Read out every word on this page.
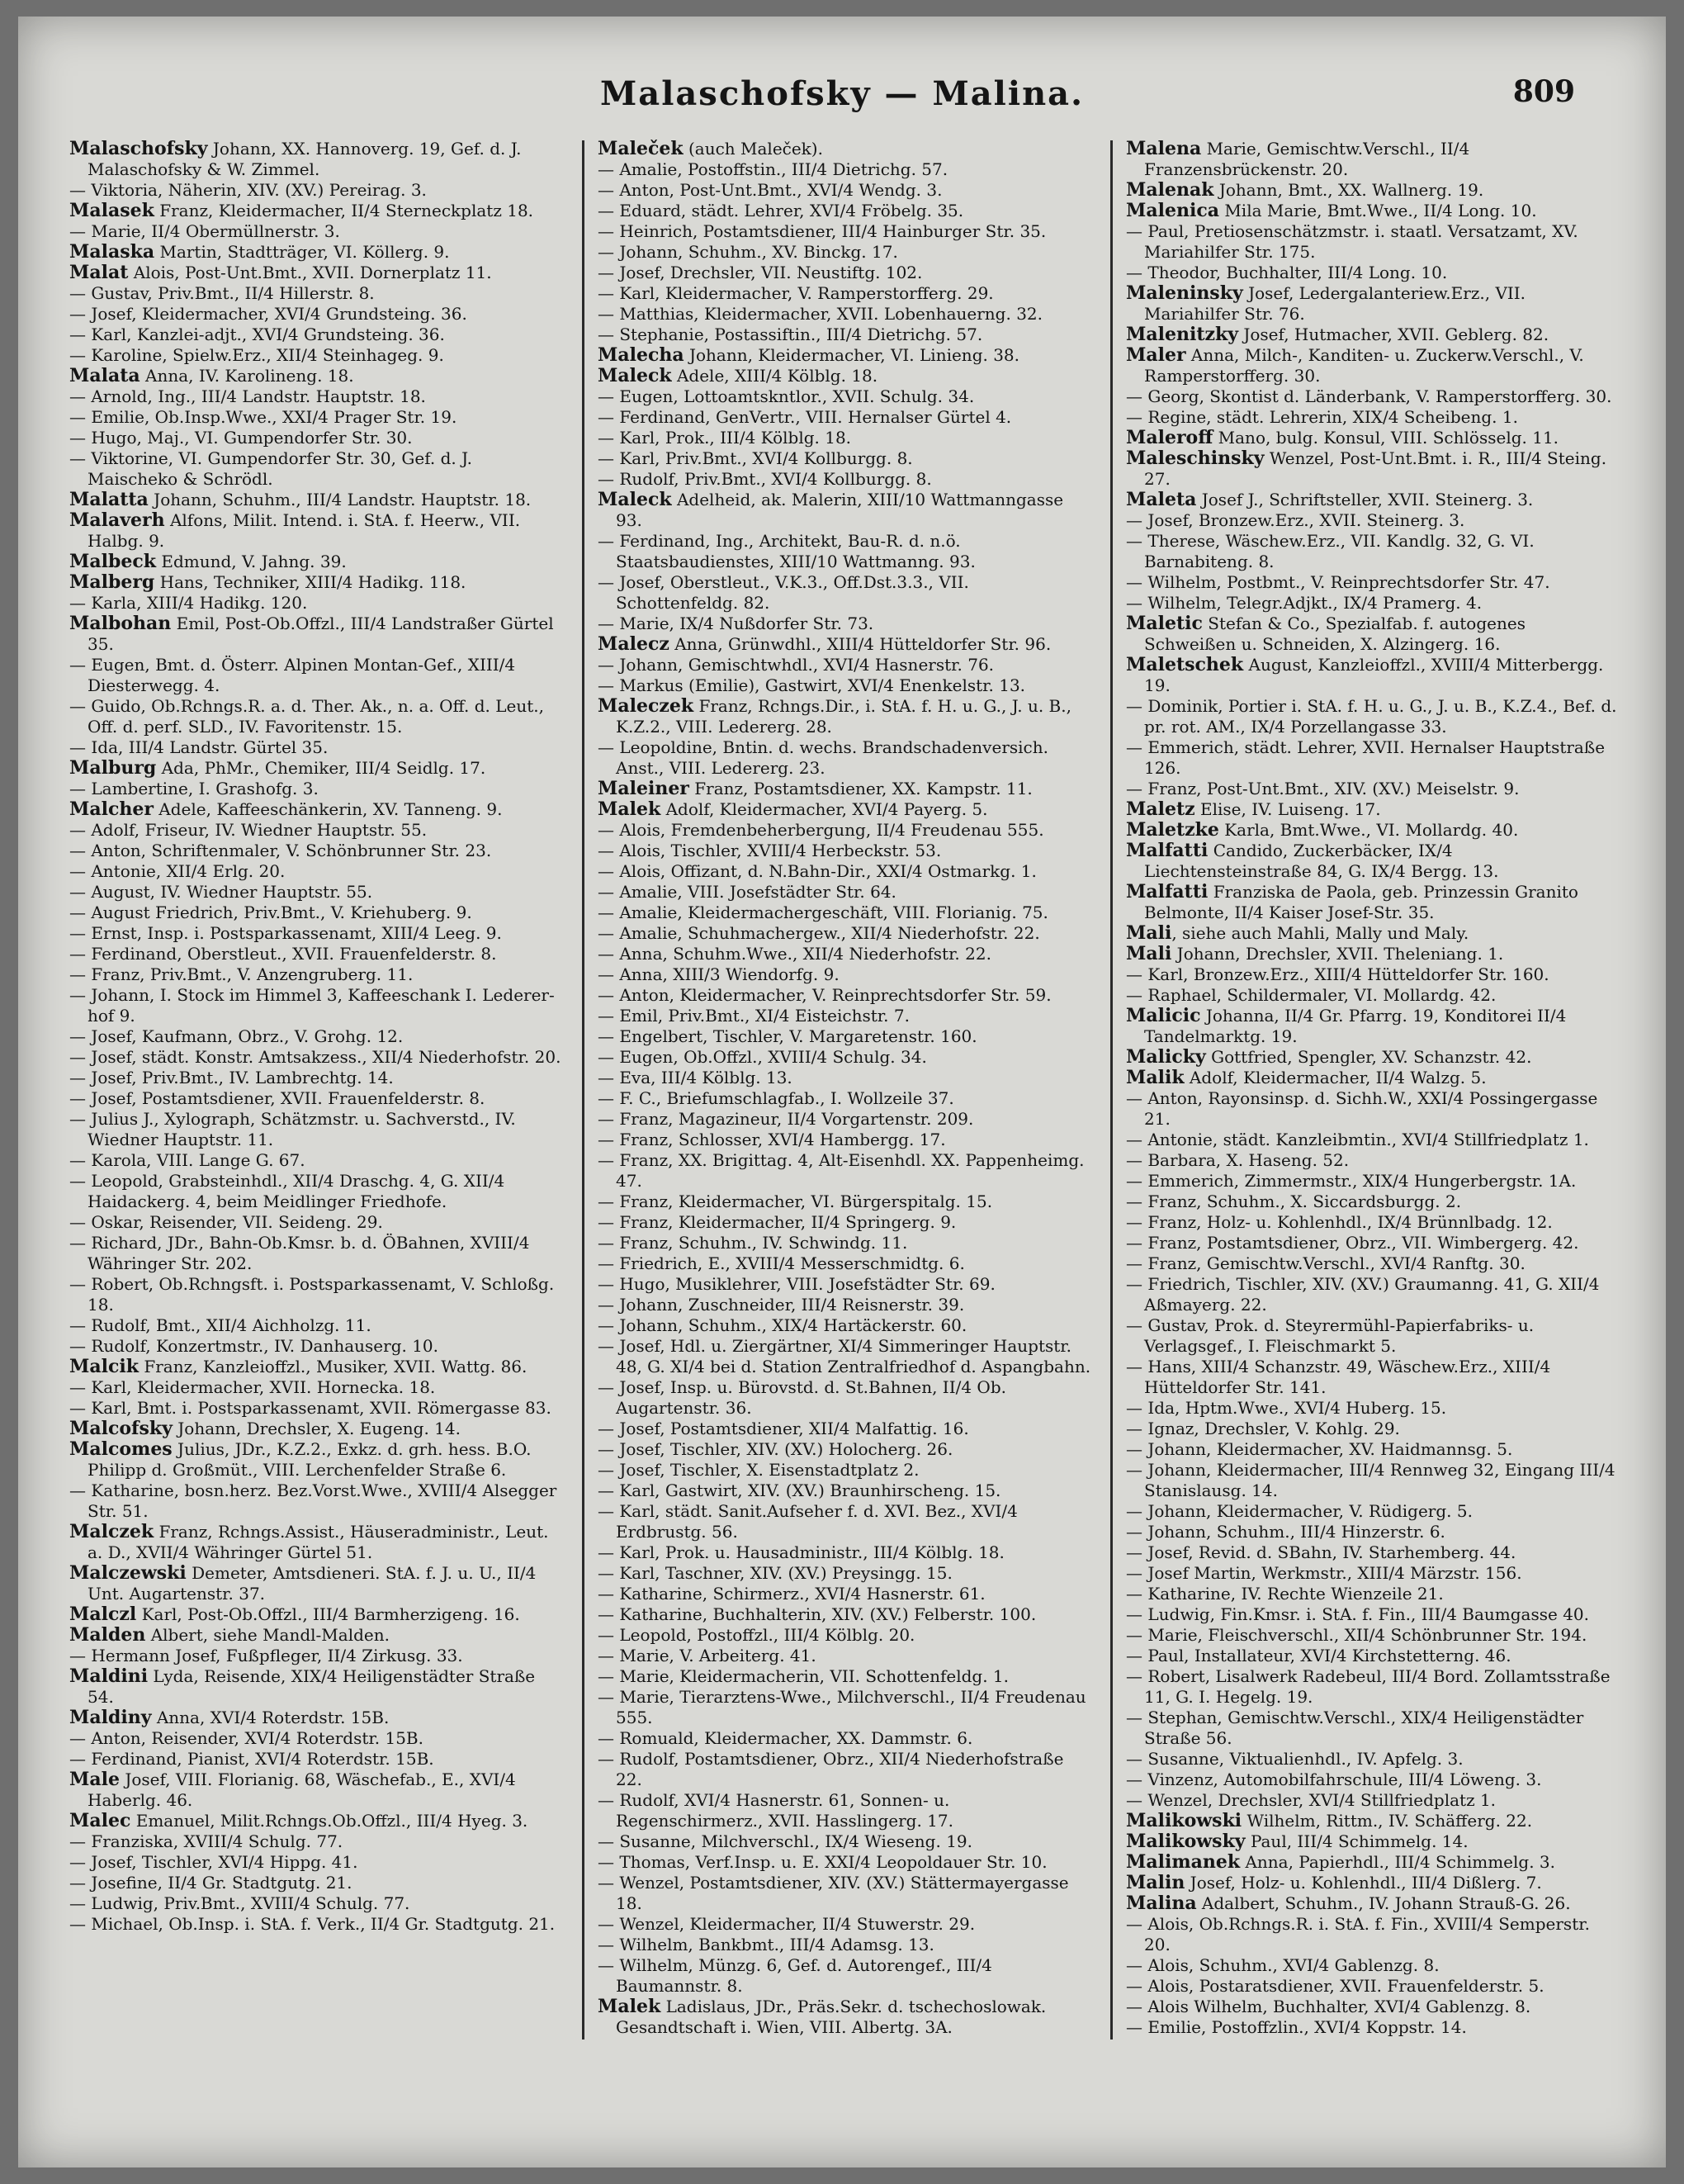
Malaschofsky — Malina.	809

Malaschofsky Johann, XX. Hannoverg. 19, Gef. d. J. Malaschofsky & W. Zimmel.

— Viktoria, Näherin, XIV. (XV.) Pereirag. 3.

Malasek Franz, Kleidermacher, II/4 Sterneckplatz 18.

— Marie, II/4 Obermüllnerstr. 3.

Malaska Martin, Stadtträger, VI. Köllerg. 9.

Malat Alois, Post-Unt.Bmt., XVII. Dornerplatz 11.

— Gustav, Priv.Bmt., II/4 Hillerstr. 8.

— Josef, Kleidermacher, XVI/4 Grundsteing. 36.

— Karl, Kanzlei-adjt., XVI/4 Grundsteing. 36.

— Karoline, Spielw.Erz., XII/4 Steinhageg. 9.

Malata Anna, IV. Karolineng. 18.

— Arnold, Ing., III/4 Landstr. Hauptstr. 18.

— Emilie, Ob.Insp.Wwe., XXI/4 Prager Str. 19.

— Hugo, Maj., VI. Gumpendorfer Str. 30.

— Viktorine, VI. Gumpendorfer Str. 30, Gef. d. J. Maischeko & Schrödl.

Malatta Johann, Schuhm., III/4 Landstr. Hauptstr. 18.

Malaverh Alfons, Milit. Intend. i. StA. f. Heerw., VII. Halbg. 9.

Malbeck Edmund, V. Jahng. 39.

Malberg Hans, Techniker, XIII/4 Hadikg. 118.

— Karla, XIII/4 Hadikg. 120.

Malbohan Emil, Post-Ob.Offzl., III/4 Landstraßer Gürtel 35.

— Eugen, Bmt. d. Österr. Alpinen Montan-Gef., XIII/4 Diesterwegg. 4.

— Guido, Ob.Rchngs.R. a. d. Ther. Ak., n. a. Off. d. Leut., Off. d. perf. SLD., IV. Favoritenstr. 15.

— Ida, III/4 Landstr. Gürtel 35.

Malburg Ada, PhMr., Chemiker, III/4 Seidlg. 17.

— Lambertine, I. Grashofg. 3.

Malcher Adele, Kaffeeschänkerin, XV. Tanneng. 9.

— Adolf, Friseur, IV. Wiedner Hauptstr. 55.

— Anton, Schriftenmaler, V. Schönbrunner Str. 23.

— Antonie, XII/4 Erlg. 20.

— August, IV. Wiedner Hauptstr. 55.

— August Friedrich, Priv.Bmt., V. Kriehuberg. 9.

— Ernst, Insp. i. Postsparkassenamt, XIII/4 Leeg. 9.

— Ferdinand, Oberstleut., XVII. Frauenfelderstr. 8.

— Franz, Priv.Bmt., V. Anzengruberg. 11.

— Johann, I. Stock im Himmel 3, Kaffeeschank I. Lederer-hof 9.

— Josef, Kaufmann, Obrz., V. Grohg. 12.

— Josef, städt. Konstr. Amtsakzess., XII/4 Niederhofstr. 20.

— Josef, Priv.Bmt., IV. Lambrechtg. 14.

— Josef, Postamtsdiener, XVII. Frauenfelderstr. 8.

— Julius J., Xylograph, Schätzmstr. u. Sachverstd., IV. Wiedner Hauptstr. 11.

— Karola, VIII. Lange G. 67.

— Leopold, Grabsteinhdl., XII/4 Draschg. 4, G. XII/4 Haidackerg. 4, beim Meidlinger Friedhofe.

— Oskar, Reisender, VII. Seideng. 29.

— Richard, JDr., Bahn-Ob.Kmsr. b. d. ÖBahnen, XVIII/4 Währinger Str. 202.

— Robert, Ob.Rchngsft. i. Postsparkassenamt, V. Schloßg. 18.

— Rudolf, Bmt., XII/4 Aichholzg. 11.

— Rudolf, Konzertmstr., IV. Danhauserg. 10.

Malcik Franz, Kanzleioffzl., Musiker, XVII. Wattg. 86.

— Karl, Kleidermacher, XVII. Hornecka. 18.

— Karl, Bmt. i. Postsparkassenamt, XVII. Römergasse 83.

Malcofsky Johann, Drechsler, X. Eugeng. 14.

Malcomes Julius, JDr., K.Z.2., Exkz. d. grh. hess. B.O. Philipp d. Großmüt., VIII. Lerchenfelder Straße 6.

— Katharine, bosn.herz. Bez.Vorst.Wwe., XVIII/4 Alsegger Str. 51.

Malczek Franz, Rchngs.Assist., Häuseradministr., Leut. a. D., XVII/4 Währinger Gürtel 51.

Malczewski Demeter, Amtsdieneri. StA. f. J. u. U., II/4 Unt. Augartenstr. 37.

Malczl Karl, Post-Ob.Offzl., III/4 Barmherzigeng. 16.

Malden Albert, siehe Mandl-Malden.

— Hermann Josef, Fußpfleger, II/4 Zirkusg. 33.

Maldini Lyda, Reisende, XIX/4 Heiligenstädter Straße 54.

Maldiny Anna, XVI/4 Roterdstr. 15B.

— Anton, Reisender, XVI/4 Roterdstr. 15B.

— Ferdinand, Pianist, XVI/4 Roterdstr. 15B.

Male Josef, VIII. Florianig. 68, Wäschefab., E., XVI/4 Haberlg. 46.

Malec Emanuel, Milit.Rchngs.Ob.Offzl., III/4 Hyeg. 3.

— Franziska, XVIII/4 Schulg. 77.

— Josef, Tischler, XVI/4 Hippg. 41.

— Josefine, II/4 Gr. Stadtgutg. 21.

— Ludwig, Priv.Bmt., XVIII/4 Schulg. 77.

— Michael, Ob.Insp. i. StA. f. Verk., II/4 Gr. Stadtgutg. 21.

Maleček (auch Maleček).

— Amalie, Postoffstin., III/4 Dietrichg. 57.

— Anton, Post-Unt.Bmt., XVI/4 Wendg. 3.

— Eduard, städt. Lehrer, XVI/4 Fröbelg. 35.

— Heinrich, Postamtsdiener, III/4 Hainburger Str. 35.

— Johann, Schuhm., XV. Binckg. 17.

— Josef, Drechsler, VII. Neustiftg. 102.

— Karl, Kleidermacher, V. Ramperstorfferg. 29.

— Matthias, Kleidermacher, XVII. Lobenhauerng. 32.

— Stephanie, Postassiftin., III/4 Dietrichg. 57.

Malecha Johann, Kleidermacher, VI. Linieng. 38.

Maleck Adele, XIII/4 Kölblg. 18.

— Eugen, Lottoamtskntlor., XVII. Schulg. 34.

— Ferdinand, GenVertr., VIII. Hernalser Gürtel 4.

— Karl, Prok., III/4 Kölblg. 18.

— Karl, Priv.Bmt., XVI/4 Kollburgg. 8.

— Rudolf, Priv.Bmt., XVI/4 Kollburgg. 8.

Maleck Adelheid, ak. Malerin, XIII/10 Wattmanngasse 93.

— Ferdinand, Ing., Architekt, Bau-R. d. n.ö. Staatsbaudienstes, XIII/10 Wattmanng. 93.

— Josef, Oberstleut., V.K.3., Off.Dst.3.3., VII. Schottenfeldg. 82.

— Marie, IX/4 Nußdorfer Str. 73.

Malecz Anna, Grünwdhl., XIII/4 Hütteldorfer Str. 96.

— Johann, Gemischtwhdl., XVI/4 Hasnerstr. 76.

— Markus (Emilie), Gastwirt, XVI/4 Enenkelstr. 13.

Maleczek Franz, Rchngs.Dir., i. StA. f. H. u. G., J. u. B., K.Z.2., VIII. Ledererg. 28.

— Leopoldine, Bntin. d. wechs. Brandschadenversich. Anst., VIII. Ledererg. 23.

Maleiner Franz, Postamtsdiener, XX. Kampstr. 11.

Malek Adolf, Kleidermacher, XVI/4 Payerg. 5.

— Alois, Fremdenbeherbergung, II/4 Freudenau 555.

— Alois, Tischler, XVIII/4 Herbeckstr. 53.

— Alois, Offizant, d. N.Bahn-Dir., XXI/4 Ostmarkg. 1.

— Amalie, VIII. Josefstädter Str. 64.

— Amalie, Kleidermachergeschäft, VIII. Florianig. 75.

— Amalie, Schuhmachergew., XII/4 Niederhofstr. 22.

— Anna, Schuhm.Wwe., XII/4 Niederhofstr. 22.

— Anna, XIII/3 Wiendorfg. 9.

— Anton, Kleidermacher, V. Reinprechtsdorfer Str. 59.

— Emil, Priv.Bmt., XI/4 Eisteichstr. 7.

— Engelbert, Tischler, V. Margaretenstr. 160.

— Eugen, Ob.Offzl., XVIII/4 Schulg. 34.

— Eva, III/4 Kölblg. 13.

— F. C., Briefumschlagfab., I. Wollzeile 37.

— Franz, Magazineur, II/4 Vorgartenstr. 209.

— Franz, Schlosser, XVI/4 Hambergg. 17.

— Franz, XX. Brigittag. 4, Alt-Eisenhdl. XX. Pappenheimg. 47.

— Franz, Kleidermacher, VI. Bürgerspitalg. 15.

— Franz, Kleidermacher, II/4 Springerg. 9.

— Franz, Schuhm., IV. Schwindg. 11.

— Friedrich, E., XVIII/4 Messerschmidtg. 6.

— Hugo, Musiklehrer, VIII. Josefstädter Str. 69.

— Johann, Zuschneider, III/4 Reisnerstr. 39.

— Johann, Schuhm., XIX/4 Hartäckerstr. 60.

— Josef, Hdl. u. Ziergärtner, XI/4 Simmeringer Hauptstr. 48, G. XI/4 bei d. Station Zentralfriedhof d. Aspangbahn.

— Josef, Insp. u. Bürovstd. d. St.Bahnen, II/4 Ob. Augartenstr. 36.

— Josef, Postamtsdiener, XII/4 Malfattig. 16.

— Josef, Tischler, XIV. (XV.) Holocherg. 26.

— Josef, Tischler, X. Eisenstadtplatz 2.

— Karl, Gastwirt, XIV. (XV.) Braunhirscheng. 15.

— Karl, städt. Sanit.Aufseher f. d. XVI. Bez., XVI/4 Erdbrustg. 56.

— Karl, Prok. u. Hausadministr., III/4 Kölblg. 18.

— Karl, Taschner, XIV. (XV.) Preysingg. 15.

— Katharine, Schirmerz., XVI/4 Hasnerstr. 61.

— Katharine, Buchhalterin, XIV. (XV.) Felberstr. 100.

— Leopold, Postoffzl., III/4 Kölblg. 20.

— Marie, V. Arbeiterg. 41.

— Marie, Kleidermacherin, VII. Schottenfeldg. 1.

— Marie, Tierarztens-Wwe., Milchverschl., II/4 Freudenau 555.

— Romuald, Kleidermacher, XX. Dammstr. 6.

— Rudolf, Postamtsdiener, Obrz., XII/4 Niederhofstraße 22.

— Rudolf, XVI/4 Hasnerstr. 61, Sonnen- u. Regenschirmerz., XVII. Hasslingerg. 17.

— Susanne, Milchverschl., IX/4 Wieseng. 19.

— Thomas, Verf.Insp. u. E. XXI/4 Leopoldauer Str. 10.

— Wenzel, Postamtsdiener, XIV. (XV.) Stättermayergasse 18.

— Wenzel, Kleidermacher, II/4 Stuwerstr. 29.

— Wilhelm, Bankbmt., III/4 Adamsg. 13.

— Wilhelm, Münzg. 6, Gef. d. Autorengef., III/4 Baumannstr. 8.

Malek Ladislaus, JDr., Präs.Sekr. d. tschechoslowak. Gesandtschaft i. Wien, VIII. Albertg. 3A.

Malena Marie, Gemischtw.Verschl., II/4 Franzensbrückenstr. 20.

Malenak Johann, Bmt., XX. Wallnerg. 19.

Malenica Mila Marie, Bmt.Wwe., II/4 Long. 10.

— Paul, Pretiosenschätzmstr. i. staatl. Versatzamt, XV. Mariahilfer Str. 175.

— Theodor, Buchhalter, III/4 Long. 10.

Maleninsky Josef, Ledergalanteriew.Erz., VII. Mariahilfer Str. 76.

Malenitzky Josef, Hutmacher, XVII. Geblerg. 82.

Maler Anna, Milch-, Kanditen- u. Zuckerw.Verschl., V. Ramperstorfferg. 30.

— Georg, Skontist d. Länderbank, V. Ramperstorfferg. 30.

— Regine, städt. Lehrerin, XIX/4 Scheibeng. 1.

Maleroff Mano, bulg. Konsul, VIII. Schlösselg. 11.

Maleschinsky Wenzel, Post-Unt.Bmt. i. R., III/4 Steing. 27.

Maleta Josef J., Schriftsteller, XVII. Steinerg. 3.

— Josef, Bronzew.Erz., XVII. Steinerg. 3.

— Therese, Wäschew.Erz., VII. Kandlg. 32, G. VI. Barnabiteng. 8.

— Wilhelm, Postbmt., V. Reinprechtsdorfer Str. 47.

— Wilhelm, Telegr.Adjkt., IX/4 Pramerg. 4.

Maletic Stefan & Co., Spezialfab. f. autogenes Schweißen u. Schneiden, X. Alzingerg. 16.

Maletschek August, Kanzleioffzl., XVIII/4 Mitterbergg. 19.

— Dominik, Portier i. StA. f. H. u. G., J. u. B., K.Z.4., Bef. d. pr. rot. AM., IX/4 Porzellangasse 33.

— Emmerich, städt. Lehrer, XVII. Hernalser Hauptstraße 126.

— Franz, Post-Unt.Bmt., XIV. (XV.) Meiselstr. 9.

Maletz Elise, IV. Luiseng. 17.

Maletzke Karla, Bmt.Wwe., VI. Mollardg. 40.

Malfatti Candido, Zuckerbäcker, IX/4 Liechtensteinstraße 84, G. IX/4 Bergg. 13.

Malfatti Franziska de Paola, geb. Prinzessin Granito Belmonte, II/4 Kaiser Josef-Str. 35.

Mali, siehe auch Mahli, Mally und Maly.

Mali Johann, Drechsler, XVII. Theleniang. 1.

— Karl, Bronzew.Erz., XIII/4 Hütteldorfer Str. 160.

— Raphael, Schildermaler, VI. Mollardg. 42.

Malicic Johanna, II/4 Gr. Pfarrg. 19, Konditorei II/4 Tandelmarktg. 19.

Malicky Gottfried, Spengler, XV. Schanzstr. 42.

Malik Adolf, Kleidermacher, II/4 Walzg. 5.

— Anton, Rayonsinsp. d. Sichh.W., XXI/4 Possingergasse 21.

— Antonie, städt. Kanzleibmtin., XVI/4 Stillfriedplatz 1.

— Barbara, X. Haseng. 52.

— Emmerich, Zimmermstr., XIX/4 Hungerbergstr. 1A.

— Franz, Schuhm., X. Siccardsburgg. 2.

— Franz, Holz- u. Kohlenhdl., IX/4 Brünnlbadg. 12.

— Franz, Postamtsdiener, Obrz., VII. Wimbergerg. 42.

— Franz, Gemischtw.Verschl., XVI/4 Ranftg. 30.

— Friedrich, Tischler, XIV. (XV.) Graumanng. 41, G. XII/4 Aßmayerg. 22.

— Gustav, Prok. d. Steyrermühl-Papierfabriks- u. Verlagsgef., I. Fleischmarkt 5.

— Hans, XIII/4 Schanzstr. 49, Wäschew.Erz., XIII/4 Hütteldorfer Str. 141.

— Ida, Hptm.Wwe., XVI/4 Huberg. 15.

— Ignaz, Drechsler, V. Kohlg. 29.

— Johann, Kleidermacher, XV. Haidmannsg. 5.

— Johann, Kleidermacher, III/4 Rennweg 32, Eingang III/4 Stanislausg. 14.

— Johann, Kleidermacher, V. Rüdigerg. 5.

— Johann, Schuhm., III/4 Hinzerstr. 6.

— Josef, Revid. d. SBahn, IV. Starhemberg. 44.

— Josef Martin, Werkmstr., XIII/4 Märzstr. 156.

— Katharine, IV. Rechte Wienzeile 21.

— Ludwig, Fin.Kmsr. i. StA. f. Fin., III/4 Baumgasse 40.

— Marie, Fleischverschl., XII/4 Schönbrunner Str. 194.

— Paul, Installateur, XVI/4 Kirchstetterng. 46.

— Robert, Lisalwerk Radebeul, III/4 Bord. Zollamtsstraße 11, G. I. Hegelg. 19.

— Stephan, Gemischtw.Verschl., XIX/4 Heiligenstädter Straße 56.

— Susanne, Viktualienhdl., IV. Apfelg. 3.

— Vinzenz, Automobilfahrschule, III/4 Löweng. 3.

— Wenzel, Drechsler, XVI/4 Stillfriedplatz 1.

Malikowski Wilhelm, Rittm., IV. Schäfferg. 22.

Malikowsky Paul, III/4 Schimmelg. 14.

Malimanek Anna, Papierhdl., III/4 Schimmelg. 3.

Malin Josef, Holz- u. Kohlenhdl., III/4 Dißlerg. 7.

Malina Adalbert, Schuhm., IV. Johann Strauß-G. 26.

— Alois, Ob.Rchngs.R. i. StA. f. Fin., XVIII/4 Semperstr. 20.

— Alois, Schuhm., XVI/4 Gablenzg. 8.

— Alois, Postaratsdiener, XVII. Frauenfelderstr. 5.

— Alois Wilhelm, Buchhalter, XVI/4 Gablenzg. 8.

— Emilie, Postoffzlin., XVI/4 Koppstr. 14.
